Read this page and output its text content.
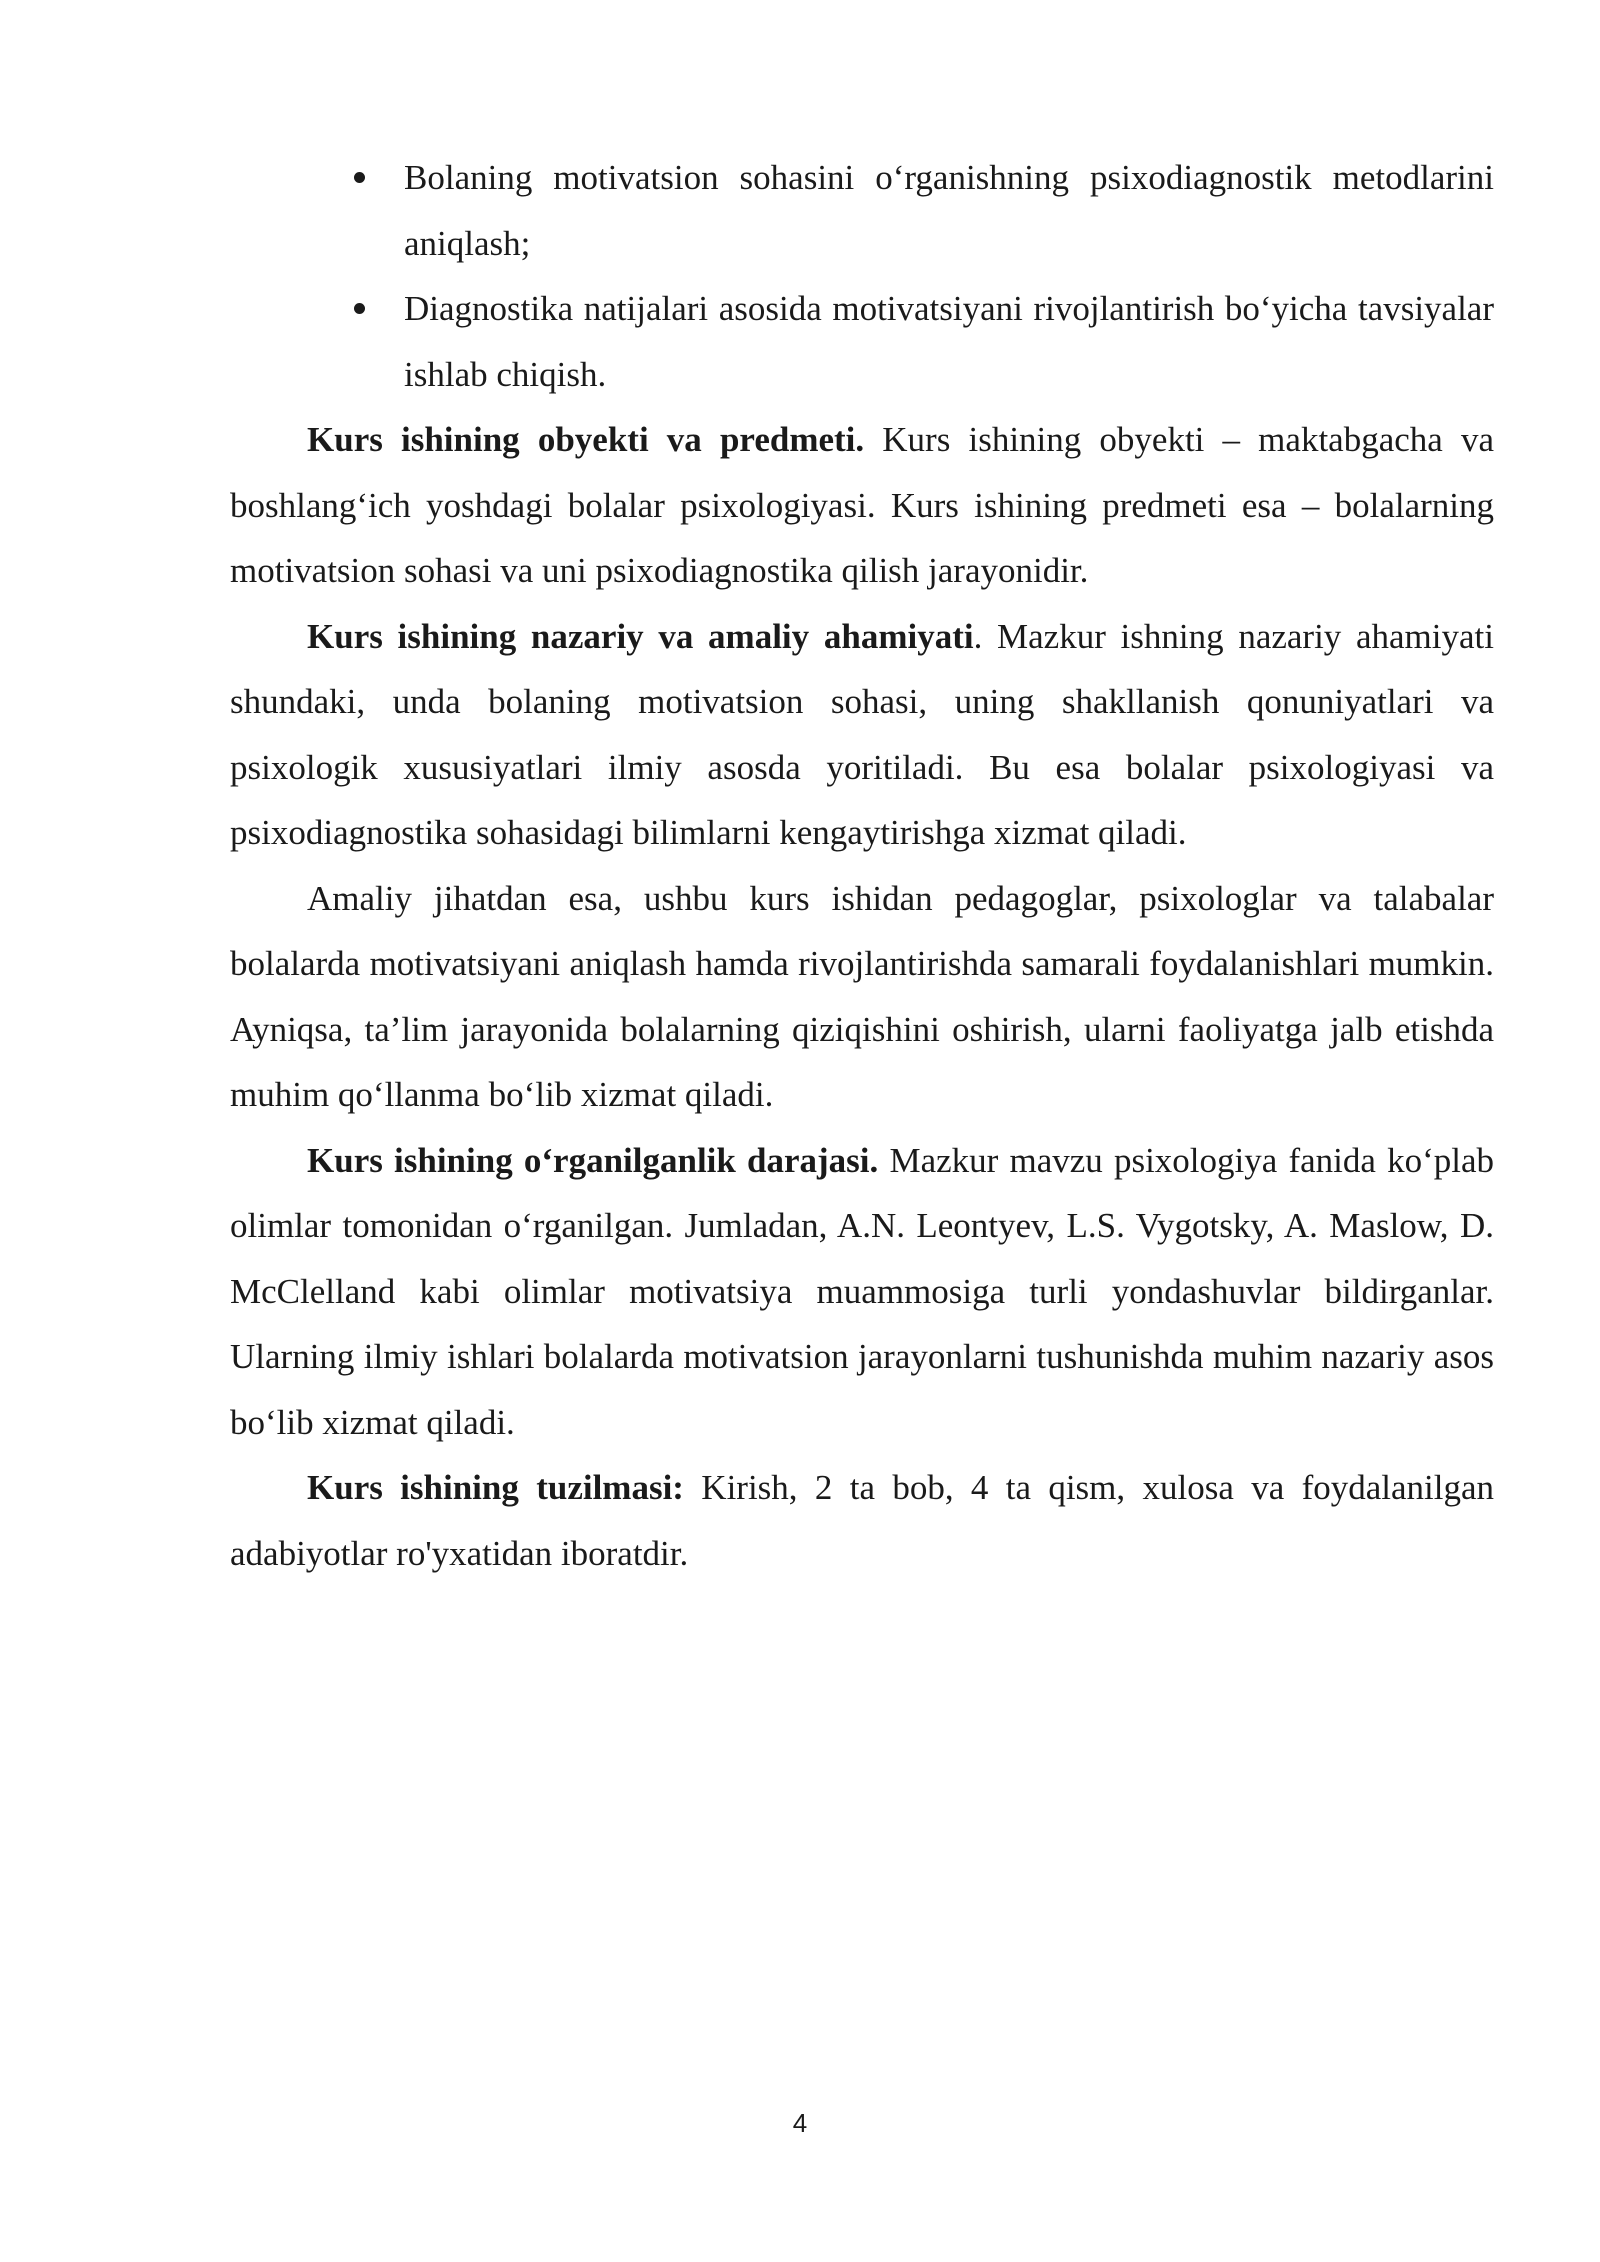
Bolaning motivatsion sohasini o‘rganishning psixodiagnostik metodlarini aniqlash;
Diagnostika natijalari asosida motivatsiyani rivojlantirish bo‘yicha tavsiyalar ishlab chiqish.

Kurs ishining obyekti va predmeti. Kurs ishining obyekti – maktabgacha va boshlang‘ich yoshdagi bolalar psixologiyasi. Kurs ishining predmeti esa – bolalarning motivatsion sohasi va uni psixodiagnostika qilish jarayonidir.

Kurs ishining nazariy va amaliy ahamiyati. Mazkur ishning nazariy ahamiyati shundaki, unda bolaning motivatsion sohasi, uning shakllanish qonuniyatlari va psixologik xususiyatlari ilmiy asosda yoritiladi. Bu esa bolalar psixologiyasi va psixodiagnostika sohasidagi bilimlarni kengaytirishga xizmat qiladi.

Amaliy jihatdan esa, ushbu kurs ishidan pedagoglar, psixologlar va talabalar bolalarda motivatsiyani aniqlash hamda rivojlantirishda samarali foydalanishlari mumkin. Ayniqsa, ta’lim jarayonida bolalarning qiziqishini oshirish, ularni faoliyatga jalb etishda muhim qo‘llanma bo‘lib xizmat qiladi.

Kurs ishining o‘rganilganlik darajasi. Mazkur mavzu psixologiya fanida ko‘plab olimlar tomonidan o‘rganilgan. Jumladan, A.N. Leontyev, L.S. Vygotsky, A. Maslow, D. McClelland kabi olimlar motivatsiya muammosiga turli yondashuvlar bildirganlar. Ularning ilmiy ishlari bolalarda motivatsion jarayonlarni tushunishda muhim nazariy asos bo‘lib xizmat qiladi.

Kurs ishining tuzilmasi: Kirish, 2 ta bob, 4 ta qism, xulosa va foydalanilgan adabiyotlar ro'yxatidan iboratdir.

4
